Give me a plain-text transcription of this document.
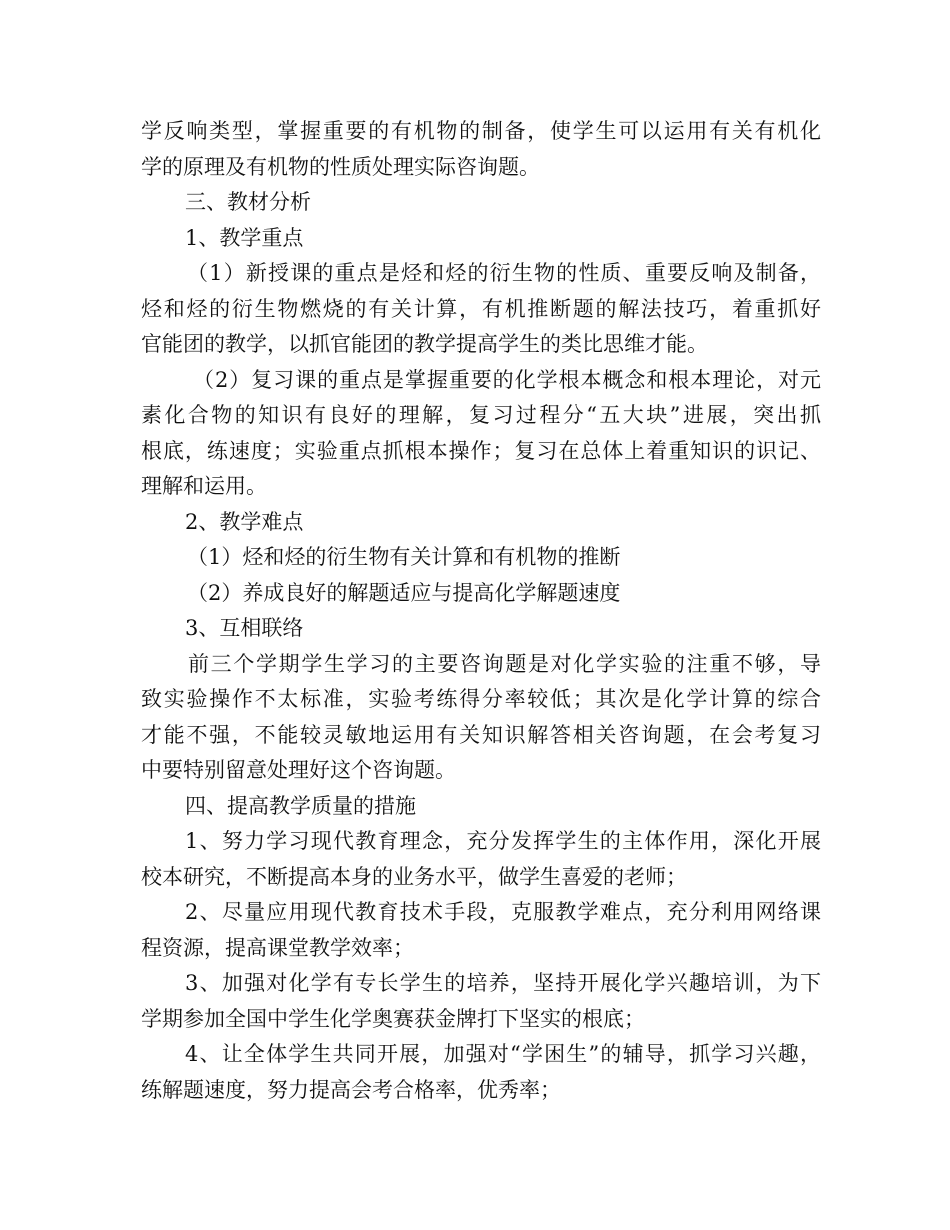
学反响类型，掌握重要的有机物的制备，使学生可以运用有关有机化
学的原理及有机物的性质处理实际咨询题。
三、教材分析
1、教学重点
（1）新授课的重点是烃和烃的衍生物的性质、重要反响及制备，
烃和烃的衍生物燃烧的有关计算，有机推断题的解法技巧，着重抓好
官能团的教学，以抓官能团的教学提高学生的类比思维才能。
（2）复习课的重点是掌握重要的化学根本概念和根本理论，对元
素化合物的知识有良好的理解，复习过程分“五大块”进展，突出抓
根底，练速度；实验重点抓根本操作；复习在总体上着重知识的识记、
理解和运用。
2、教学难点
（1）烃和烃的衍生物有关计算和有机物的推断
（2）养成良好的解题适应与提高化学解题速度
3、互相联络
前三个学期学生学习的主要咨询题是对化学实验的注重不够，导
致实验操作不太标准，实验考练得分率较低；其次是化学计算的综合
才能不强，不能较灵敏地运用有关知识解答相关咨询题，在会考复习
中要特别留意处理好这个咨询题。
四、提高教学质量的措施
1、努力学习现代教育理念，充分发挥学生的主体作用，深化开展
校本研究，不断提高本身的业务水平，做学生喜爱的老师；
2、尽量应用现代教育技术手段，克服教学难点，充分利用网络课
程资源，提高课堂教学效率；
3、加强对化学有专长学生的培养，坚持开展化学兴趣培训，为下
学期参加全国中学生化学奥赛获金牌打下坚实的根底；
4、让全体学生共同开展，加强对“学困生”的辅导，抓学习兴趣，
练解题速度，努力提高会考合格率，优秀率；
